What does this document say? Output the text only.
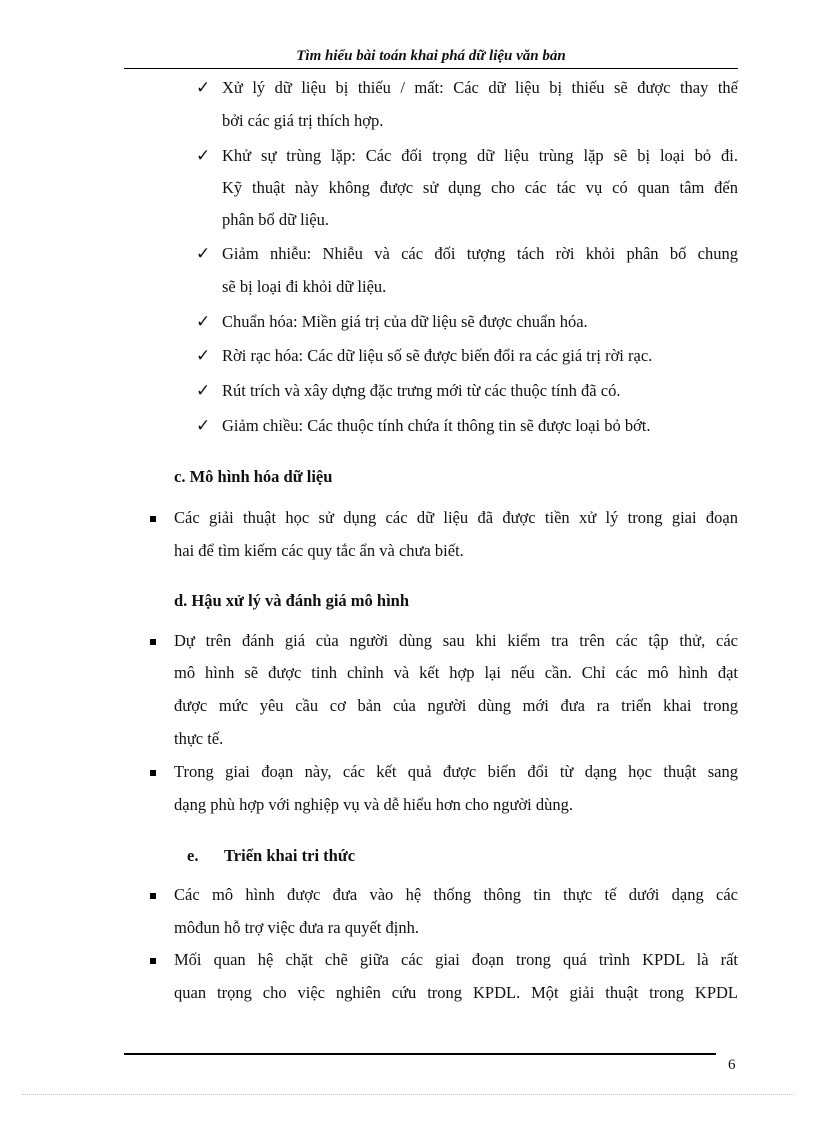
Tìm hiểu bài toán khai phá dữ liệu văn bản
✓ Xử lý dữ liệu bị thiếu / mất: Các dữ liệu bị thiếu sẽ được thay thế
bởi các giá trị thích hợp.
✓ Khử sự trùng lặp: Các đối trọng dữ liệu trùng lặp sẽ bị loại bỏ đi.
Kỹ thuật này không được sử dụng cho các tác vụ có quan tâm đến
phân bổ dữ liệu.
✓ Giảm nhiễu: Nhiễu và các đối tượng tách rời khỏi phân bố chung
sẽ bị loại đi khỏi dữ liệu.
✓ Chuẩn hóa: Miền giá trị của dữ liệu sẽ được chuẩn hóa.
✓ Rời rạc hóa: Các dữ liệu số sẽ được biến đổi ra các giá trị rời rạc.
✓ Rút trích và xây dựng đặc trưng mới từ các thuộc tính đã có.
✓ Giảm chiều: Các thuộc tính chứa ít thông tin sẽ được loại bỏ bớt.
c. Mô hình hóa dữ liệu
Các giải thuật học sử dụng các dữ liệu đã được tiền xử lý trong giai đoạn
hai để tìm kiếm các quy tắc ẩn và chưa biết.
d. Hậu xử lý và đánh giá mô hình
Dự trên đánh giá của người dùng sau khi kiểm tra trên các tập thử, các
mô hình sẽ được tinh chỉnh và kết hợp lại nếu cần. Chỉ các mô hình đạt
được mức yêu cầu cơ bản của người dùng mới đưa ra triển khai trong
thực tế.
Trong giai đoạn này, các kết quả được biến đổi từ dạng học thuật sang
dạng phù hợp với nghiệp vụ và dễ hiểu hơn cho người dùng.
e. Triển khai tri thức
Các mô hình được đưa vào hệ thống thông tin thực tế dưới dạng các
môđun hỗ trợ việc đưa ra quyết định.
Mối quan hệ chặt chẽ giữa các giai đoạn trong quá trình KPDL là rất
quan trọng cho việc nghiên cứu trong KPDL. Một giải thuật trong KPDL
6
